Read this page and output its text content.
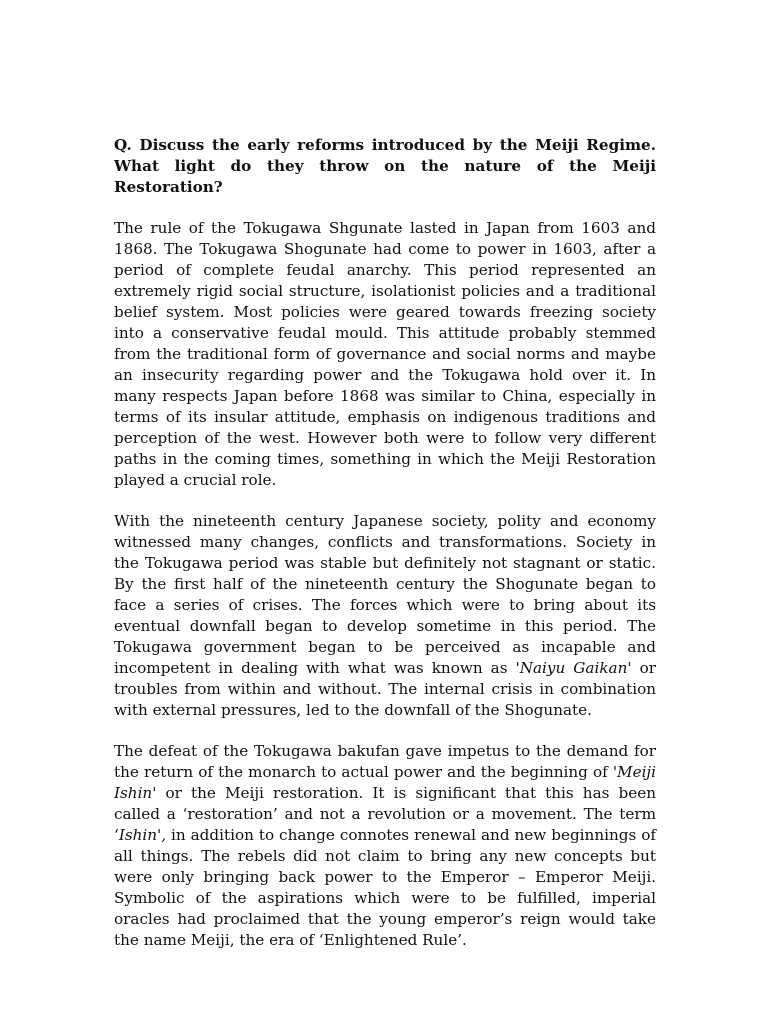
Q. Discuss the early reforms introduced by the Meiji Regime. What light do they throw on the nature of the Meiji Restoration?

The rule of the Tokugawa Shgunate lasted in Japan from 1603 and 1868. The Tokugawa Shogunate had come to power in 1603, after a period of complete feudal anarchy. This period represented an extremely rigid social structure, isolationist policies and a traditional belief system. Most policies were geared towards freezing society into a conservative feudal mould. This attitude probably stemmed from the traditional form of governance and social norms and maybe an insecurity regarding power and the Tokugawa hold over it. In many respects Japan before 1868 was similar to China, especially in terms of its insular attitude, emphasis on indigenous traditions and perception of the west. However both were to follow very different paths in the coming times, something in which the Meiji Restoration played a crucial role.

With the nineteenth century Japanese society, polity and economy witnessed many changes, conflicts and transformations. Society in the Tokugawa period was stable but definitely not stagnant or static. By the first half of the nineteenth century the Shogunate began to face a series of crises. The forces which were to bring about its eventual downfall began to develop sometime in this period. The Tokugawa government began to be perceived as incapable and incompetent in dealing with what was known as 'Naiyu Gaikan' or troubles from within and without. The internal crisis in combination with external pressures, led to the downfall of the Shogunate.

The defeat of the Tokugawa bakufan gave impetus to the demand for the return of the monarch to actual power and the beginning of 'Meiji Ishin' or the Meiji restoration. It is significant that this has been called a ‘restoration’ and not a revolution or a movement. The term ‘Ishin', in addition to change connotes renewal and new beginnings of all things. The rebels did not claim to bring any new concepts but were only bringing back power to the Emperor – Emperor Meiji. Symbolic of the aspirations which were to be fulfilled, imperial oracles had proclaimed that the young emperor’s reign would take the name Meiji, the era of ‘Enlightened Rule’.
